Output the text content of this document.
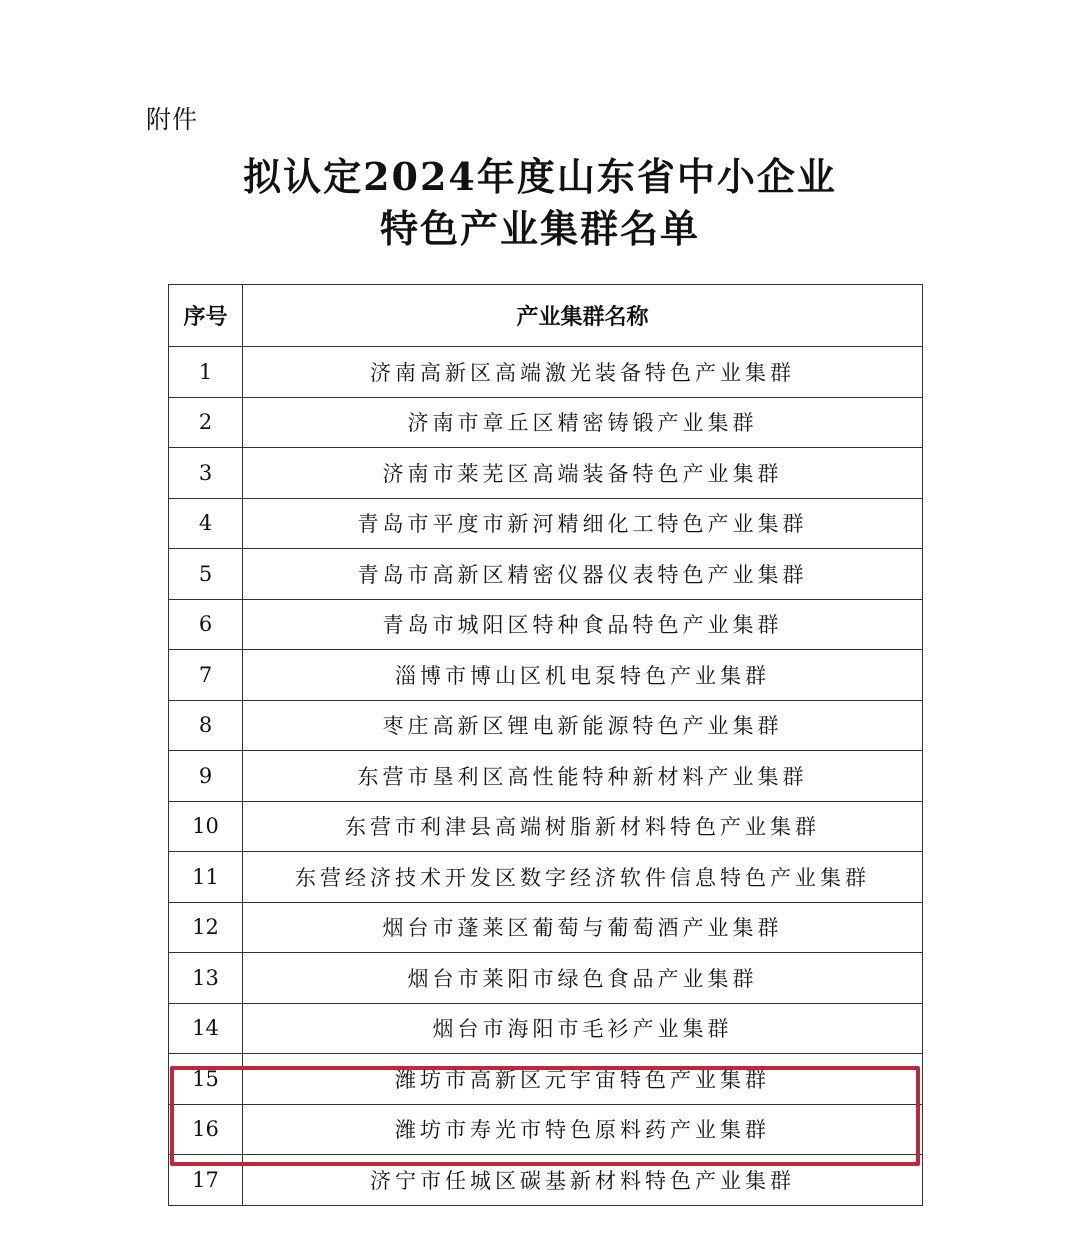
附件
拟认定2024年度山东省中小企业
特色产业集群名单
序号	产业集群名称
1	济南高新区高端激光装备特色产业集群
2	济南市章丘区精密铸锻产业集群
3	济南市莱芜区高端装备特色产业集群
4	青岛市平度市新河精细化工特色产业集群
5	青岛市高新区精密仪器仪表特色产业集群
6	青岛市城阳区特种食品特色产业集群
7	淄博市博山区机电泵特色产业集群
8	枣庄高新区锂电新能源特色产业集群
9	东营市垦利区高性能特种新材料产业集群
10	东营市利津县高端树脂新材料特色产业集群
11	东营经济技术开发区数字经济软件信息特色产业集群
12	烟台市蓬莱区葡萄与葡萄酒产业集群
13	烟台市莱阳市绿色食品产业集群
14	烟台市海阳市毛衫产业集群
15	潍坊市高新区元宇宙特色产业集群
16	潍坊市寿光市特色原料药产业集群
17	济宁市任城区碳基新材料特色产业集群
